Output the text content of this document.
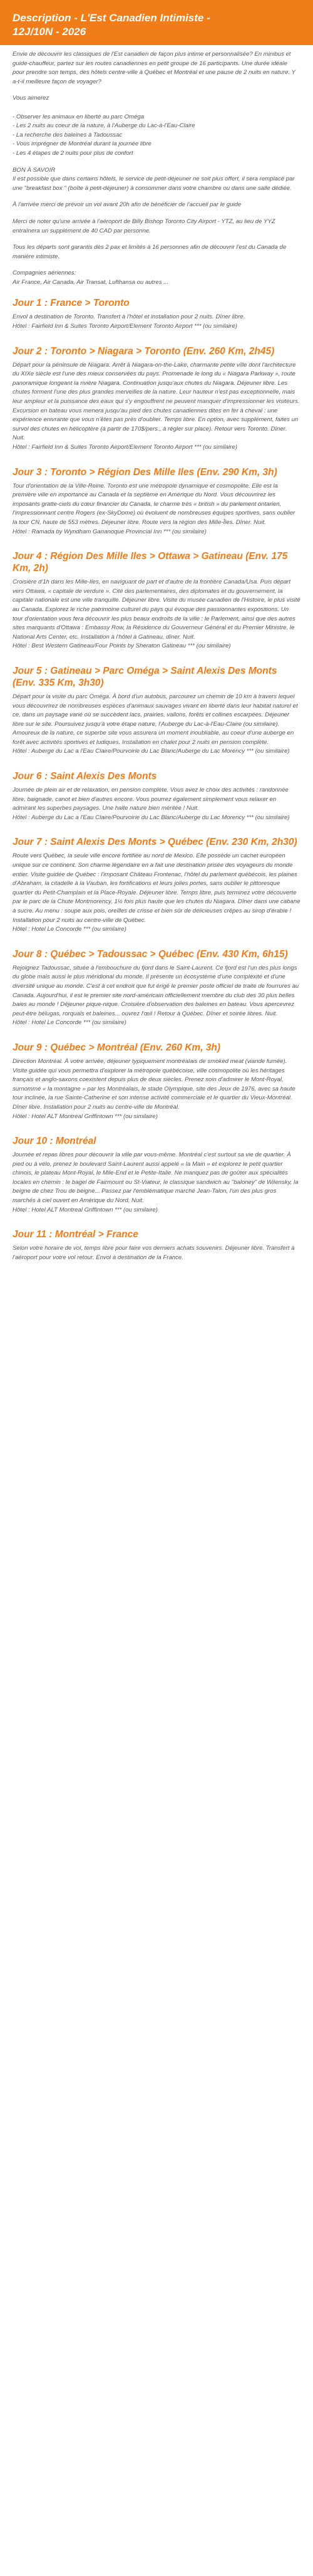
Description - L'Est Canadien Intimiste -
12J/10N - 2026

Envie de découvrir les classiques de l'Est canadien de façon plus intime et personnalisée? En minibus et guide-chauffeur, partez sur les routes canadiennes en petit groupe de 16 participants. Une durée idéale pour prendre son temps, des hôtels centre-ville à Québec et Montréal et une pause de 2 nuits en nature. Y a-t-il meilleure façon de voyager?

Vous aimerez

- Observer les animaux en liberté au parc Oméga
- Les 2 nuits au coeur de la nature, à l'Auberge du Lac-à-l'Eau-Claire
- La recherche des baleines à Tadoussac
- Vous imprégner de Montréal durant la journée libre
- Les 4 étapes de 2 nuits pour plus de confort

BON À SAVOIR
Il est possible que dans certains hôtels, le service de petit-déjeuner ne soit plus offert, il sera remplacé par une "breakfast box " (boîte à petit-déjeuner) à consommer dans votre chambre ou dans une salle dédiée.

À l'arrivée merci de prévoir un vol avant 20h afin de bénéficier de l'accueil par le guide

Merci de noter qu'une arrivée à l'aéroport de Billy Bishop Toronto City Airport - YTZ, au lieu de YYZ entraînera un supplément de 40 CAD par personne.

Tous les départs sont garantis dès 2 pax et limités à 16 personnes afin de découvrir l'est du Canada de manière intimiste.

Compagnies aériennes:
Air France, Air Canada, Air Transat, Lufthansa ou autres ...

Jour 1 : France > Toronto

Envol à destination de Toronto. Transfert à l'hôtel et installation pour 2 nuits. Dîner libre.
Hôtel : Fairfield Inn & Suites Toronto Airport/Element Toronto Airport *** (ou similaire)

Jour 2 : Toronto > Niagara > Toronto (Env. 260 Km, 2h45)

Départ pour la péninsule de Niagara. Arrêt à Niagara-on-the-Lake, charmante petite ville dont l'architecture du XIXe siècle est l'une des mieux conservées du pays. Promenade le long du « Niagara Parkway », route panoramique longeant la rivière Niagara. Continuation jusqu'aux chutes du Niagara. Déjeuner libre. Les chutes forment l'une des plus grandes merveilles de la nature. Leur hauteur n'est pas exceptionnelle, mais leur ampleur et la puissance des eaux qui s'y engouffrent ne peuvent manquer d'impressionner les visiteurs. Excursion en bateau vous menera jusqu'au pied des chutes canadiennes dites en fer à cheval : une expérience enivrante que vous n'êtes pas près d'oublier. Temps libre. En option, avec supplément, faites un survol des chutes en hélicoptère (à partir de 170$/pers., à régler sur place). Retour vers Toronto. Dîner. Nuit.
Hôtel : Fairfield Inn & Suites Toronto Airport/Element Toronto Airport *** (ou similaire)

Jour 3 : Toronto > Région Des Mille Iles (Env. 290 Km, 3h)

Tour d'orientation de la Ville-Reine. Toronto est une métropole dynamique et cosmopolite. Elle est la première ville en importance au Canada et la septième en Amérique du Nord. Vous découvrirez les imposants gratte-ciels du cœur financier du Canada, le charme très « british » du parlement ontarien, l'impressionnant centre Rogers (ex-SkyDome) où évoluent de nombreuses équipes sportives, sans oublier la tour CN, haute de 553 mètres. Déjeuner libre. Route vers la région des Mille-Îles. Dîner. Nuit.
Hôtel : Ramada by Wyndham Gananoque Provincial Inn *** (ou similaire)

Jour 4 : Région Des Mille Iles > Ottawa > Gatineau (Env. 175 Km, 2h)

Croisière d'1h dans les Mille-Iles, en naviguant de part et d'autre de la frontière Canada/Usa. Puis départ vers Ottawa, « capitale de verdure ». Cité des parlementaires, des diplomates et du gouvernement, la capitale nationale est une ville tranquille. Déjeuner libre. Visite du musée canadien de l'Histoire, le plus visité au Canada. Explorez le riche patrimoine culturel du pays qui évoque des passionnantes expositions. Un tour d'orientation vous fera découvrir les plus beaux endroits de la ville : le Parlement, ainsi que des autres sites marquants d'Ottawa : Embassy Row, la Résidence du Gouverneur Général et du Premier Ministre, le National Arts Center, etc. Installation à l'hôtel à Gatineau, dîner. Nuit.
Hôtel : Best Western Gatineau/Four Points by Sheraton Gatineau *** (ou similaire)

Jour 5 : Gatineau > Parc Oméga > Saint Alexis Des Monts (Env. 335 Km, 3h30)

Départ pour la visite du parc Oméga. À bord d'un autobus, parcourez un chemin de 10 km à travers lequel vous découvrirez de nombreuses espèces d'animaux sauvages vivant en liberté dans leur habitat naturel et ce, dans un paysage varié où se succèdent lacs, prairies, vallons, forêts et collines escarpées. Déjeuner libre sur le site. Poursuivez jusqu'à votre étape nature, l'Auberge du Lac-à-l'Eau-Claire (ou similaire). Amoureux de la nature, ce superbe site vous assurera un moment inoubliable, au coeur d'une auberge en forêt avec activités sportives et ludiques. Installation en chalet pour 2 nuits en pension complète.
Hôtel : Auberge du Lac a l'Eau Claire/Pourvoirie du Lac Blanc/Auberge du Lac Morency *** (ou similaire)

Jour 6 : Saint Alexis Des Monts

Journée de plein air et de relaxation, en pension complète. Vous avez le choix des activités : randonnée libre, baignade, canot et bien d'autres encore. Vous pourrez également simplement vous relaxer en admirant les superbes paysages. Une halte nature bien méritée ! Nuit.
Hôtel : Auberge du Lac a l'Eau Claire/Pourvoirie du Lac Blanc/Auberge du Lac Morency *** (ou similaire)

Jour 7 : Saint Alexis Des Monts > Québec (Env. 230 Km, 2h30)

Route vers Québec, la seule ville encore fortifiée au nord de Mexico. Elle possède un cachet européen unique sur ce continent. Son charme légendaire en a fait une destination prisée des voyageurs du monde entier. Visite guidée de Québec : l'imposant Château Frontenac, l'hôtel du parlement québécois, les plaines d'Abraham, la citadelle à la Vauban, les fortifications et leurs jolies portes, sans oublier le pittoresque quartier du Petit-Champlain et la Place-Royale. Déjeuner libre. Temps libre, puis terminez votre découverte par le parc de la Chute Montmorency, 1½ fois plus haute que les chutes du Niagara. Dîner dans une cabane à sucre. Au menu : soupe aux pois, oreilles de crisse et bien sûr de délicieuses crêpes au sirop d'érable ! Installation pour 2 nuits au centre-ville de Québec.
Hôtel : Hotel Le Concorde *** (ou similaire)

Jour 8 : Québec > Tadoussac > Québec (Env. 430 Km, 6h15)

Rejoignez Tadoussac, située à l'embouchure du fjord dans le Saint-Laurent. Ce fjord est l'un des plus longs du globe mais aussi le plus méridional du monde. Il présente un écosystème d'une complexité et d'une diversité unique au monde. C'est à cet endroit que fut érigé le premier poste officiel de traite de fourrures au Canada. Aujourd'hui, il est le premier site nord-américain officiellement membre du club des 30 plus belles baies au monde ! Déjeuner pique-nique. Croisière d'observation des baleines en bateau. Vous apercevrez peut-être bélugas, rorquals et baleines... ouvrez l'œil ! Retour à Québec. Dîner et soirée libres. Nuit.
Hôtel : Hotel Le Concorde *** (ou similaire)

Jour 9 : Québec > Montréal (Env. 260 Km, 3h)

Direction Montréal. À votre arrivée, déjeuner typiquement montréalais de smoked meat (viande fumée). Visite guidée qui vous permettra d'explorer la métropole québécoise, ville cosmopolite où les héritages français et anglo-saxons coexistent depuis plus de deux siècles. Prenez soin d'admirer le Mont-Royal, surnommé « la montagne » par les Montréalais, le stade Olympique, site des Jeux de 1976, avec sa haute tour inclinée, la rue Sainte-Catherine et son intense activité commerciale et le quartier du Vieux-Montréal. Dîner libre. Installation pour 2 nuits au centre-ville de Montréal.
Hôtel : Hotel ALT Montreal Griffintown *** (ou similaire)

Jour 10 : Montréal

Journée et repas libres pour découvrir la ville par vous-même. Montréal c'est surtout sa vie de quartier. À pied ou à vélo, prenez le boulevard Saint-Laurent aussi appelé « la Main » et explorez le petit quartier chinois, le plateau Mont-Royal, le Mile-End et le Petite-Italie. Ne manquez pas de goûter aux spécialités locales en chemin : le bagel de Fairmount ou St-Viateur, le classique sandwich au "baloney" de Wilensky, la beigne de chez Trou de beigne... Passez par l'emblématique marché Jean-Talon, l'un des plus gros marchés à ciel ouvert en Amérique du Nord. Nuit.
Hôtel : Hotel ALT Montreal Griffintown *** (ou similaire)

Jour 11 : Montréal > France

Selon votre horaire de vol, temps libre pour faire vos derniers achats souvenirs. Déjeuner libre. Transfert à l'aéroport pour votre vol retour. Envol à destination de la France.
